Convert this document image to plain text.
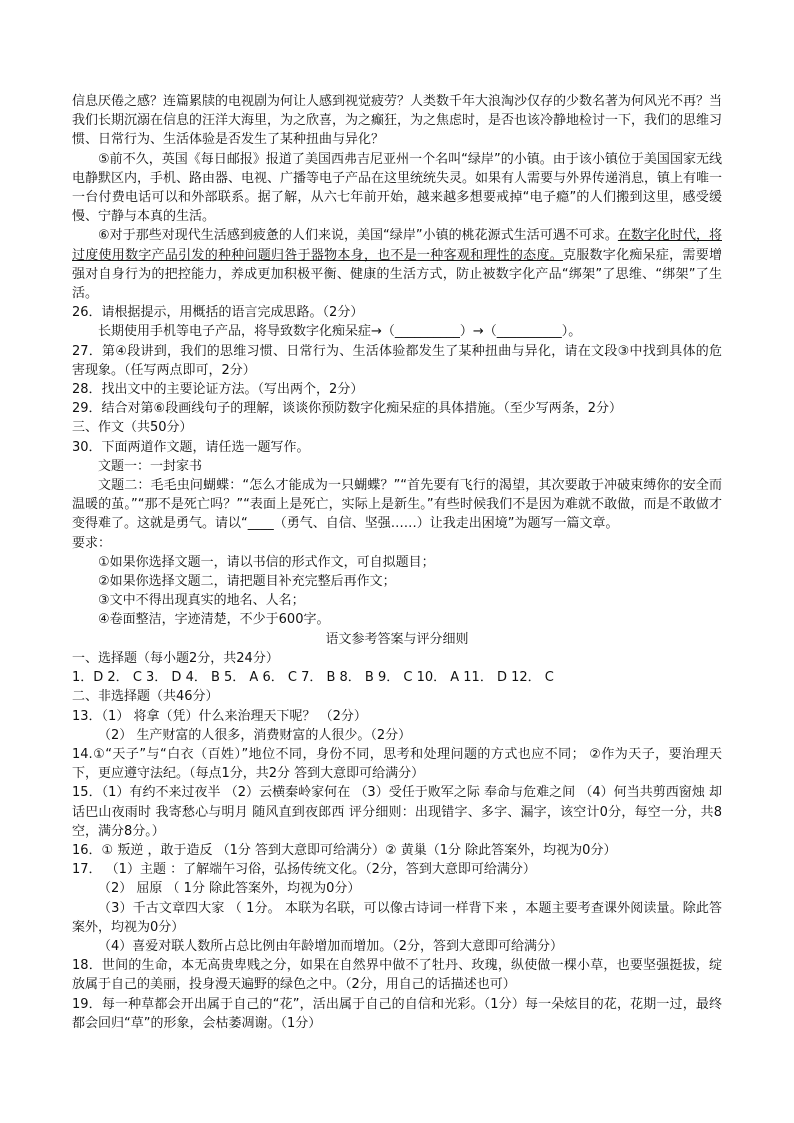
信息厌倦之感？连篇累牍的电视剧为何让人感到视觉疲劳？人类数千年大浪淘沙仅存的少数名著为何风光不再？当我们长期沉溺在信息的汪洋大海里，为之欣喜，为之癫狂，为之焦虑时，是否也该冷静地检讨一下，我们的思维习惯、日常行为、生活体验是否发生了某种扭曲与异化？

⑤前不久，英国《每日邮报》报道了美国西弗吉尼亚州一个名叫“绿岸”的小镇。由于该小镇位于美国国家无线电静默区内，手机、路由器、电视、广播等电子产品在这里统统失灵。如果有人需要与外界传递消息，镇上有唯一一台付费电话可以和外部联系。据了解，从六七年前开始，越来越多想要戒掉“电子瘾”的人们搬到这里，感受缓慢、宁静与本真的生活。

⑥对于那些对现代生活感到疲惫的人们来说，美国“绿岸”小镇的桃花源式生活可遇不可求。在数字化时代，将过度使用数字产品引发的种种问题归咎于器物本身，也不是一种客观和理性的态度。克服数字化痴呆症，需要增强对自身行为的把控能力，养成更加积极平衡、健康的生活方式，防止被数字化产品“绑架”了思维、“绑架”了生活。

26．请根据提示，用概括的语言完成思路。（2分）

长期使用手机等电子产品，将导致数字化痴呆症→（__________）→（__________）。

27．第④段讲到，我们的思维习惯、日常行为、生活体验都发生了某种扭曲与异化，请在文段③中找到具体的危害现象。（任写两点即可，2分）

28．找出文中的主要论证方法。（写出两个，2分）

29．结合对第⑥段画线句子的理解，谈谈你预防数字化痴呆症的具体措施。（至少写两条，2分）

三、作文（共50分）

30．下面两道作文题，请任选一题写作。

文题一：一封家书

文题二：毛毛虫问蝴蝶：“怎么才能成为一只蝴蝶？”“首先要有飞行的渴望，其次要敢于冲破束缚你的安全而温暖的茧。”“那不是死亡吗？”“表面上是死亡，实际上是新生。”有些时候我们不是因为难就不敢做，而是不敢做才变得难了。这就是勇气。请以“____（勇气、自信、坚强……）让我走出困境”为题写一篇文章。

要求：

①如果你选择文题一，请以书信的形式作文，可自拟题目；

②如果你选择文题二，请把题目补充完整后再作文；

③文中不得出现真实的地名、人名；

④卷面整洁，字迹清楚，不少于600字。

语文参考答案与评分细则

一、选择题（每小题2分，共24分）

1．D 2． C 3． D 4． B 5． A 6． C 7． B 8． B 9． C 10． A 11． D 12． C

二、非选择题（共46分）

13．（1） 将拿（凭）什么来治理天下呢？ （2分）

（2） 生产财富的人很多，消费财富的人很少。（2分）

14.①“天子”与“白衣（百姓）”地位不同，身份不同，思考和处理问题的方式也应不同； ②作为天子，要治理天下，更应遵守法纪。（每点1分，共2分 答到大意即可给满分）

15．（1）有约不来过夜半 （2）云横秦岭家何在 （3）受任于败军之际 奉命与危难之间 （4）何当共剪西窗烛 却话巴山夜雨时 我寄愁心与明月 随风直到夜郎西 评分细则：出现错字、多字、漏字，该空计0分，每空一分，共8空，满分8分。）

16．① 叛逆 ，敢于造反 （1分 答到大意即可给满分）② 黄巢（1分 除此答案外，均视为0分）

17． （1）主题 ：了解端午习俗，弘扬传统文化。（2分，答到大意即可给满分）

（2） 屈原 （ 1分 除此答案外，均视为0分）

（3）千古文章四大家 （ 1分。 本联为名联，可以像古诗词一样背下来 ，本题主要考查课外阅读量。除此答案外，均视为0分）

（4）喜爱对联人数所占总比例由年龄增加而增加。（2分，答到大意即可给满分）

18．世间的生命，本无高贵卑贱之分，如果在自然界中做不了牡丹、玫瑰，纵使做一棵小草，也要坚强挺拔，绽放属于自己的美丽，投身漫天遍野的绿色之中。（2分，用自己的话描述也可）

19．每一种草都会开出属于自己的“花”，活出属于自己的自信和光彩。（1分）每一朵炫目的花，花期一过，最终都会回归“草”的形象，会枯萎凋谢。（1分）
